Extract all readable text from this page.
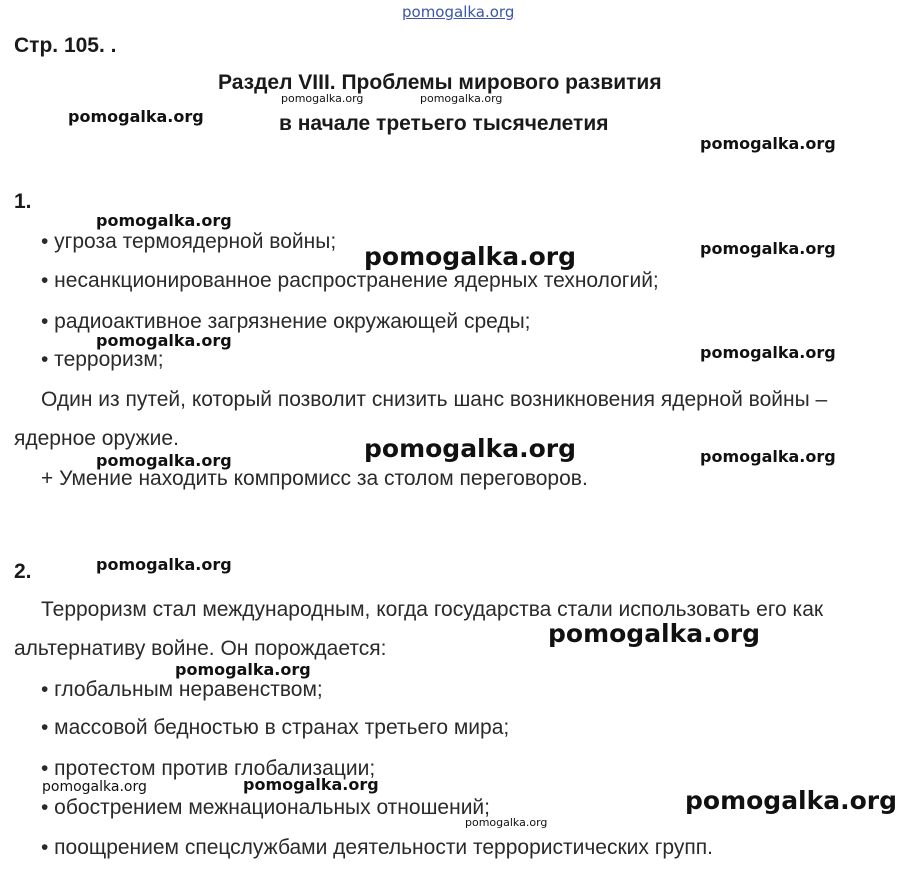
pomogalka.org
Стр. 105. .
Раздел VIII. Проблемы мирового развития
в начале третьего тысячелетия
1.
• угроза термоядерной войны;
• несанкционированное распространение ядерных технологий;
• радиоактивное загрязнение окружающей среды;
• терроризм;
Один из путей, который позволит снизить шанс возникновения ядерной войны –
ядерное оружие.
+ Умение находить компромисс за столом переговоров.
2.
Терроризм стал международным, когда государства стали использовать его как
альтернативу войне. Он порождается:
• глобальным неравенством;
• массовой бедностью в странах третьего мира;
• протестом против глобализации;
• обострением межнациональных отношений;
• поощрением спецслужбами деятельности террористических групп.
pomogalka.org	pomogalka.org
pomogalka.org
pomogalka.org
pomogalka.org
pomogalka.org
pomogalka.org
pomogalka.org
pomogalka.org
pomogalka.org	pomogalka.org
pomogalka.org
pomogalka.org
pomogalka.org
pomogalka.org
pomogalka.org
pomogalka.org
pomogalka.org
pomogalka.org
